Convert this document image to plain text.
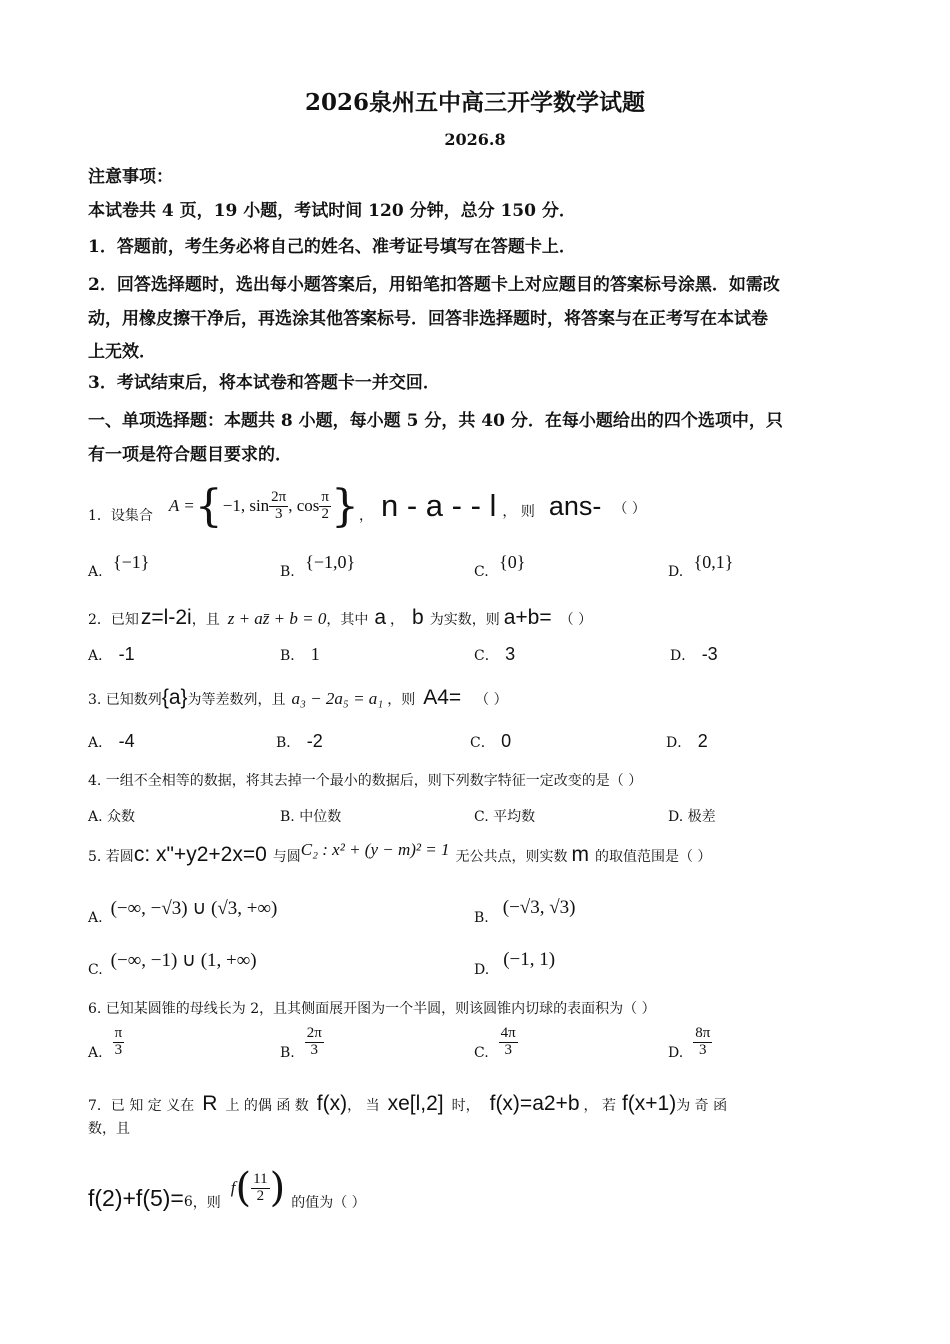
2026泉州五中高三开学数学试题
2026.8
注意事项：
本试卷共 4 页，19 小题，考试时间 120 分钟，总分 150 分．
1．答题前，考生务必将自己的姓名、准考证号填写在答题卡上．
2．回答选择题时，选出每小题答案后，用铅笔扣答题卡上对应题目的答案标号涂黑．如需改
动，用橡皮擦干净后，再选涂其他答案标号．回答非选择题时，将答案与在正考写在本试卷
上无效．
3．考试结束后，将本试卷和答题卡一并交回．
一、单项选择题：本题共 8 小题，每小题 5 分，共 40 分．在每小题给出的四个选项中，只
有一项是符合题目要求的．
1．设集合
A = { −1, $\sin \frac{2\pi}{3}$ , $\cos \frac{\pi}{2}$ } ， n - a - - l ， 则 ans- （ ）
A. {−1}	B. {−1,0}	C. {0}	D. {0,1}
2．已知 z=l-2i ，且 z + az̄ + b = 0 ，其中 a ， b 为实数，则 a+b= （ ）
A． -1	B． 1	C． 3	D． -3
3. 已知数列 {a} 为等差数列，且 a₃ − 2a₅ = a₁ ，则 A4= （ ）
A． -4	B． -2	C． 0	D． 2
4. 一组不全相等的数据，将其去掉一个最小的数据后，则下列数字特征一定改变的是（ ）
A. 众数	B. 中位数	C. 平均数	D. 极差
5. 若圆 c: x"+y2+2x=0 与圆 C₂ : x² + (y − m)² = 1 无公共点，则实数 m 的取值范围是（ ）
A. (−∞, −√3) ∪ (√3, +∞)	B. (−√3, √3)
C. (−∞, −1) ∪ (1, +∞)	D. (−1, 1)
6. 已知某圆锥的母线长为 2，且其侧面展开图为一个半圆，则该圆锥内切球的表面积为（ ）
A. $\frac{\pi}{3}$	B. $\frac{2\pi}{3}$	C. $\frac{4\pi}{3}$	D. $\frac{8\pi}{3}$
7．已 知 定 义在 R 上 的偶 函 数 f(x) ， 当 xe[l,2] 时， f(x)=a2+b ， 若 f(x+1) 为 奇 函
数，且
f(2)+f(5)= 6 ，则
f ( $\frac{11}{2}$ ) 的值为（ ）
